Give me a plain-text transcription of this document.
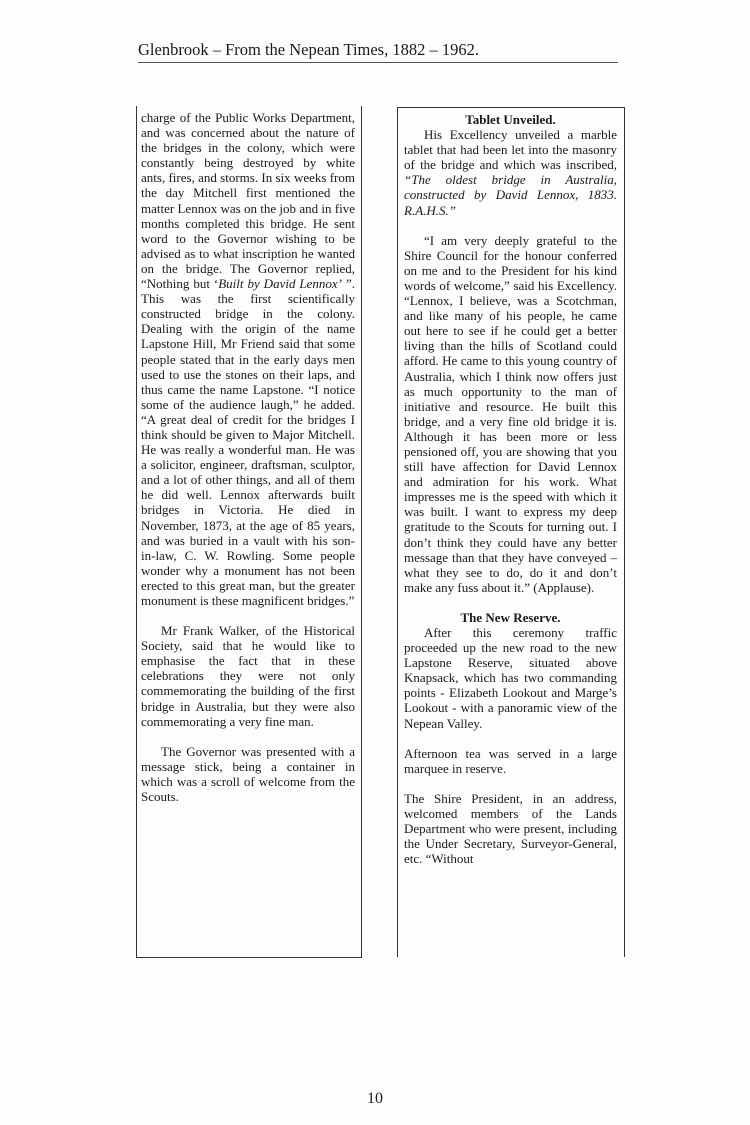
Glenbrook – From the Nepean Times, 1882 – 1962.

charge of the Public Works Department, and was concerned about the nature of the bridges in the colony, which were constantly being destroyed by white ants, fires, and storms. In six weeks from the day Mitchell first mentioned the matter Lennox was on the job and in five months completed this bridge. He sent word to the Governor wishing to be advised as to what inscription he wanted on the bridge. The Governor replied, “Nothing but ‘Built by David Lennox’ ”. This was the first scientifically constructed bridge in the colony. Dealing with the origin of the name Lapstone Hill, Mr Friend said that some people stated that in the early days men used to use the stones on their laps, and thus came the name Lapstone. “I notice some of the audience laugh,” he added. “A great deal of credit for the bridges I think should be given to Major Mitchell. He was really a wonderful man. He was a solicitor, engineer, draftsman, sculptor, and a lot of other things, and all of them he did well. Lennox afterwards built bridges in Victoria. He died in November, 1873, at the age of 85 years, and was buried in a vault with his son-in-law, C. W. Rowling. Some people wonder why a monument has not been erected to this great man, but the greater monument is these magnificent bridges.”

Mr Frank Walker, of the Historical Society, said that he would like to emphasise the fact that in these celebrations they were not only commemorating the building of the first bridge in Australia, but they were also commemorating a very fine man.

The Governor was presented with a message stick, being a container in which was a scroll of welcome from the Scouts.

Tablet Unveiled.

His Excellency unveiled a marble tablet that had been let into the masonry of the bridge and which was inscribed, “The oldest bridge in Australia, constructed by David Lennox, 1833. R.A.H.S.”

“I am very deeply grateful to the Shire Council for the honour conferred on me and to the President for his kind words of welcome,” said his Excellency. “Lennox, I believe, was a Scotchman, and like many of his people, he came out here to see if he could get a better living than the hills of Scotland could afford. He came to this young country of Australia, which I think now offers just as much opportunity to the man of initiative and resource. He built this bridge, and a very fine old bridge it is. Although it has been more or less pensioned off, you are showing that you still have affection for David Lennox and admiration for his work. What impresses me is the speed with which it was built. I want to express my deep gratitude to the Scouts for turning out. I don’t think they could have any better message than that they have conveyed – what they see to do, do it and don’t make any fuss about it.” (Applause).

The New Reserve.

After this ceremony traffic proceeded up the new road to the new Lapstone Reserve, situated above Knapsack, which has two commanding points - Elizabeth Lookout and Marge’s Lookout - with a panoramic view of the Nepean Valley.

Afternoon tea was served in a large marquee in reserve.

The Shire President, in an address, welcomed members of the Lands Department who were present, including the Under Secretary, Surveyor-General, etc. “Without

10
